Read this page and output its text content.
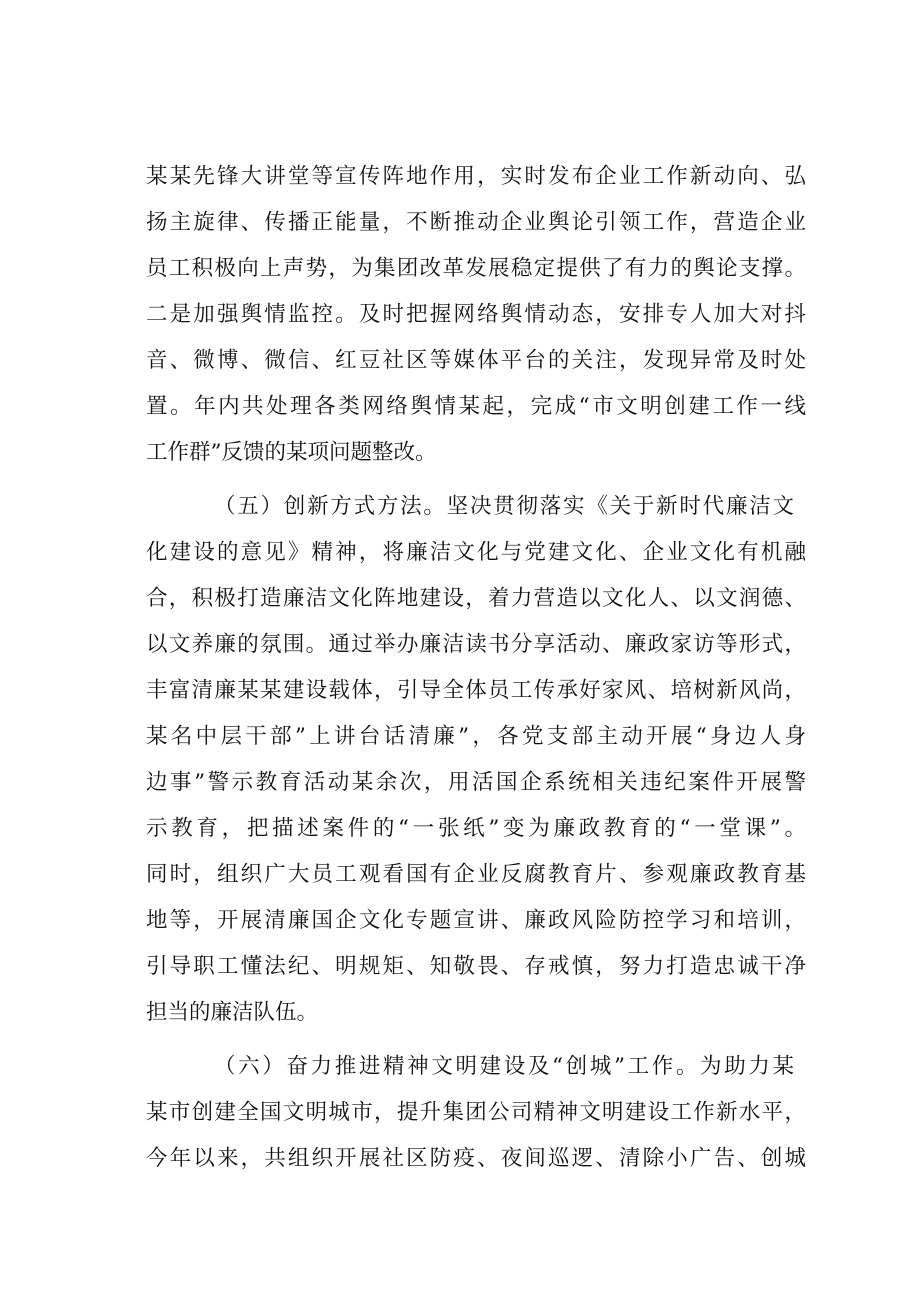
某某先锋大讲堂等宣传阵地作用，实时发布企业工作新动向、弘
扬主旋律、传播正能量，不断推动企业舆论引领工作，营造企业
员工积极向上声势，为集团改革发展稳定提供了有力的舆论支撑。
二是加强舆情监控。及时把握网络舆情动态，安排专人加大对抖
音、微博、微信、红豆社区等媒体平台的关注，发现异常及时处
置。年内共处理各类网络舆情某起，完成“市文明创建工作一线
工作群”反馈的某项问题整改。
（五）创新方式方法。坚决贯彻落实《关于新时代廉洁文
化建设的意见》精神，将廉洁文化与党建文化、企业文化有机融
合，积极打造廉洁文化阵地建设，着力营造以文化人、以文润德、
以文养廉的氛围。通过举办廉洁读书分享活动、廉政家访等形式，
丰富清廉某某建设载体，引导全体员工传承好家风、培树新风尚，
某名中层干部”上讲台话清廉”，各党支部主动开展“身边人身
边事”警示教育活动某余次，用活国企系统相关违纪案件开展警
示教育，把描述案件的“一张纸”变为廉政教育的“一堂课”。
同时，组织广大员工观看国有企业反腐教育片、参观廉政教育基
地等，开展清廉国企文化专题宣讲、廉政风险防控学习和培训，
引导职工懂法纪、明规矩、知敬畏、存戒慎，努力打造忠诚干净
担当的廉洁队伍。
（六）奋力推进精神文明建设及“创城”工作。为助力某
某市创建全国文明城市，提升集团公司精神文明建设工作新水平，
今年以来，共组织开展社区防疫、夜间巡逻、清除小广告、创城
